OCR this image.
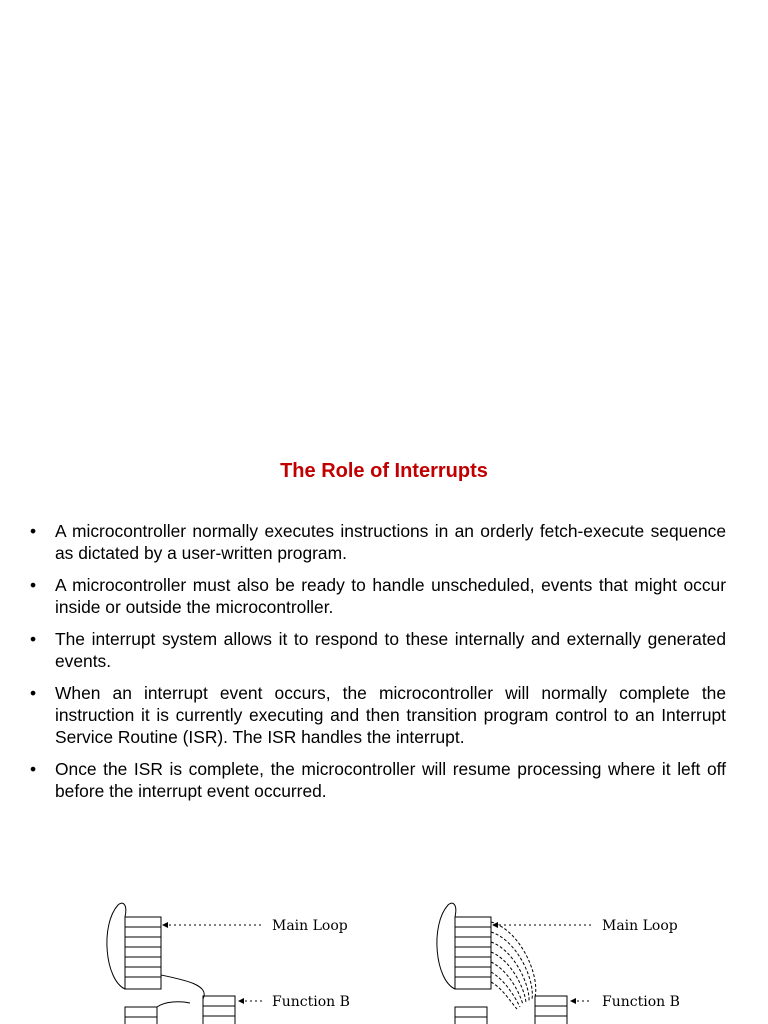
The Role of Interrupts
• A microcontroller normally executes instructions in an orderly fetch-execute sequence as dictated by a user-written program.
• A microcontroller must also be ready to handle unscheduled, events that might occur inside or outside the microcontroller.
• The interrupt system allows it to respond to these internally and externally generated events.
• When an interrupt event occurs, the microcontroller will normally complete the instruction it is currently executing and then transition program control to an Interrupt Service Routine (ISR). The ISR handles the interrupt.
• Once the ISR is complete, the microcontroller will resume processing where it left off before the interrupt event occurred.
Main Loop
Function B
Main Loop
Function B
